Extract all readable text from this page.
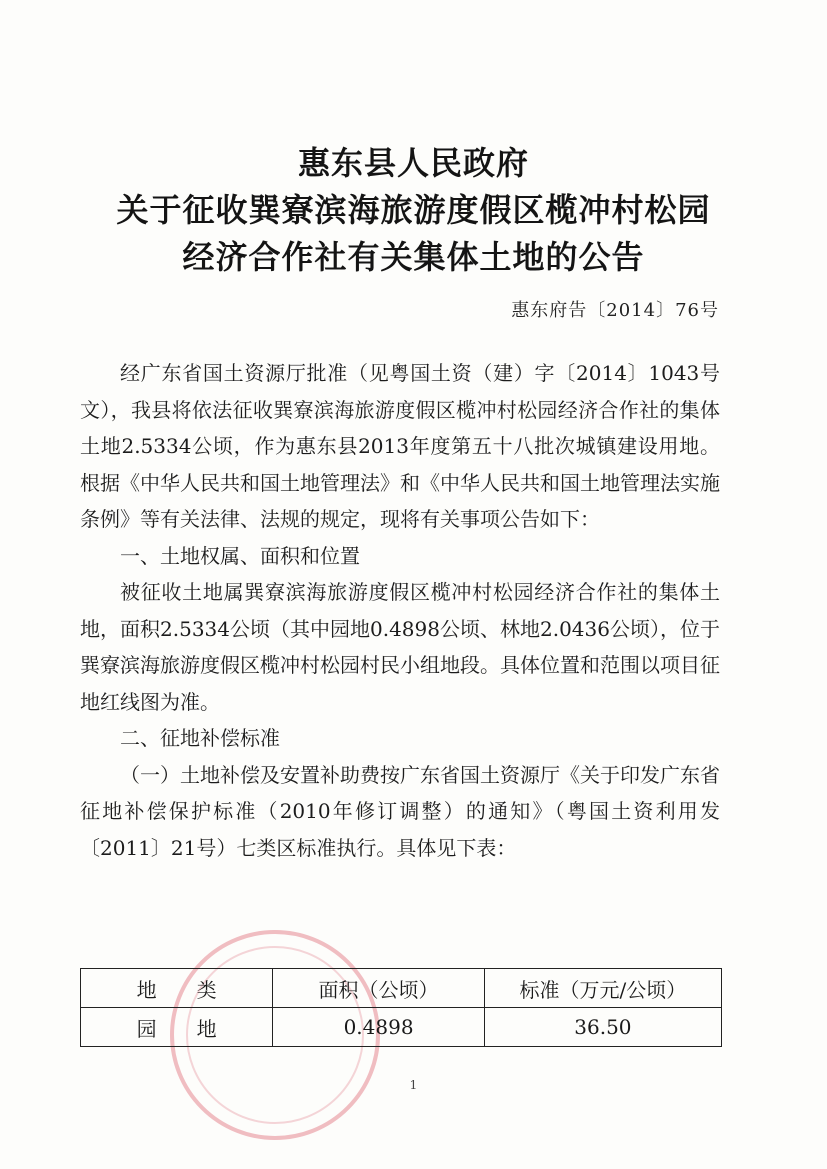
惠东县人民政府
关于征收巽寮滨海旅游度假区榄冲村松园
经济合作社有关集体土地的公告
惠东府告〔2014〕76号

经广东省国土资源厅批准（见粤国土资（建）字〔2014〕1043号文），我县将依法征收巽寮滨海旅游度假区榄冲村松园经济合作社的集体土地2.5334公顷，作为惠东县2013年度第五十八批次城镇建设用地。根据《中华人民共和国土地管理法》和《中华人民共和国土地管理法实施条例》等有关法律、法规的规定，现将有关事项公告如下：

一、土地权属、面积和位置

被征收土地属巽寮滨海旅游度假区榄冲村松园经济合作社的集体土地，面积2.5334公顷（其中园地0.4898公顷、林地2.0436公顷），位于巽寮滨海旅游度假区榄冲村松园村民小组地段。具体位置和范围以项目征地红线图为准。

二、征地补偿标准

（一）土地补偿及安置补助费按广东省国土资源厅《关于印发广东省征地补偿保护标准（2010年修订调整）的通知》（粤国土资利用发〔2011〕21号）七类区标准执行。具体见下表：

地　　类	面积（公顷）	标准（万元/公顷）
园　　地	0.4898	36.50
1
